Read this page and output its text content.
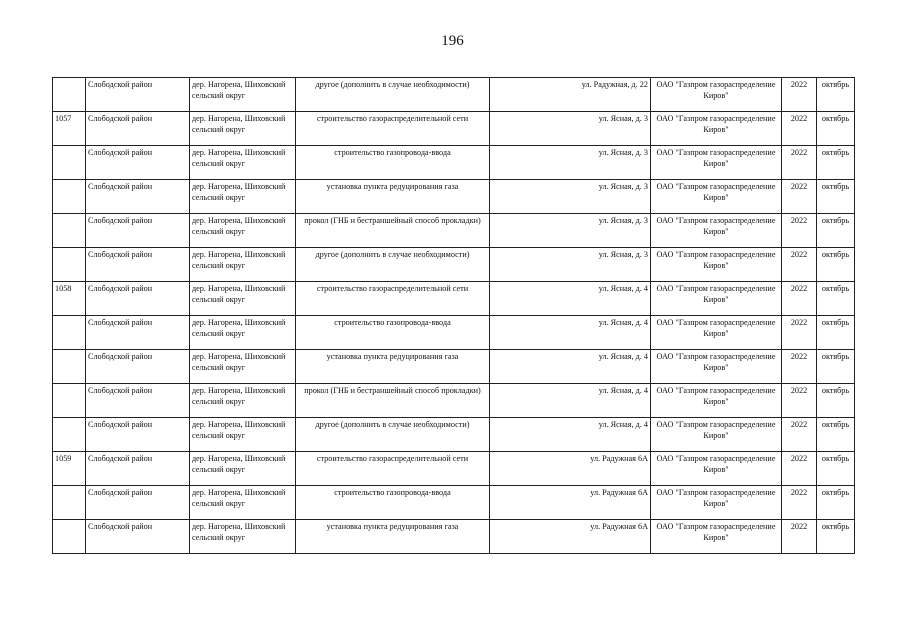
196
	Слободской район	дер. Нагорена, Шиховский сельский округ	другое (дополнить в случае необходимости)	ул. Радужная, д. 22	ОАО "Газпром газораспределение Киров"	2022	октябрь
1057	Слободской район	дер. Нагорена, Шиховский сельский округ	строительство газораспределительной сети	ул. Ясная, д. 3	ОАО "Газпром газораспределение Киров"	2022	октябрь
	Слободской район	дер. Нагорена, Шиховский сельский округ	строительство газопровода-ввода	ул. Ясная, д. 3	ОАО "Газпром газораспределение Киров"	2022	октябрь
	Слободской район	дер. Нагорена, Шиховский сельский округ	установка пункта редуцирования газа	ул. Ясная, д. 3	ОАО "Газпром газораспределение Киров"	2022	октябрь
	Слободской район	дер. Нагорена, Шиховский сельский округ	прокол (ГНБ и бестраншейный способ прокладки)	ул. Ясная, д. 3	ОАО "Газпром газораспределение Киров"	2022	октябрь
	Слободской район	дер. Нагорена, Шиховский сельский округ	другое (дополнить в случае необходимости)	ул. Ясная, д. 3	ОАО "Газпром газораспределение Киров"	2022	октябрь
1058	Слободской район	дер. Нагорена, Шиховский сельский округ	строительство газораспределительной сети	ул. Ясная, д. 4	ОАО "Газпром газораспределение Киров"	2022	октябрь
	Слободской район	дер. Нагорена, Шиховский сельский округ	строительство газопровода-ввода	ул. Ясная, д. 4	ОАО "Газпром газораспределение Киров"	2022	октябрь
	Слободской район	дер. Нагорена, Шиховский сельский округ	установка пункта редуцирования газа	ул. Ясная, д. 4	ОАО "Газпром газораспределение Киров"	2022	октябрь
	Слободской район	дер. Нагорена, Шиховский сельский округ	прокол (ГНБ и бестраншейный способ прокладки)	ул. Ясная, д. 4	ОАО "Газпром газораспределение Киров"	2022	октябрь
	Слободской район	дер. Нагорена, Шиховский сельский округ	другое (дополнить в случае необходимости)	ул. Ясная, д. 4	ОАО "Газпром газораспределение Киров"	2022	октябрь
1059	Слободской район	дер. Нагорена, Шиховский сельский округ	строительство газораспределительной сети	ул. Радужная 6А	ОАО "Газпром газораспределение Киров"	2022	октябрь
	Слободской район	дер. Нагорена, Шиховский сельский округ	строительство газопровода-ввода	ул. Радужная 6А	ОАО "Газпром газораспределение Киров"	2022	октябрь
	Слободской район	дер. Нагорена, Шиховский сельский округ	установка пункта редуцирования газа	ул. Радужная 6А	ОАО "Газпром газораспределение Киров"	2022	октябрь
